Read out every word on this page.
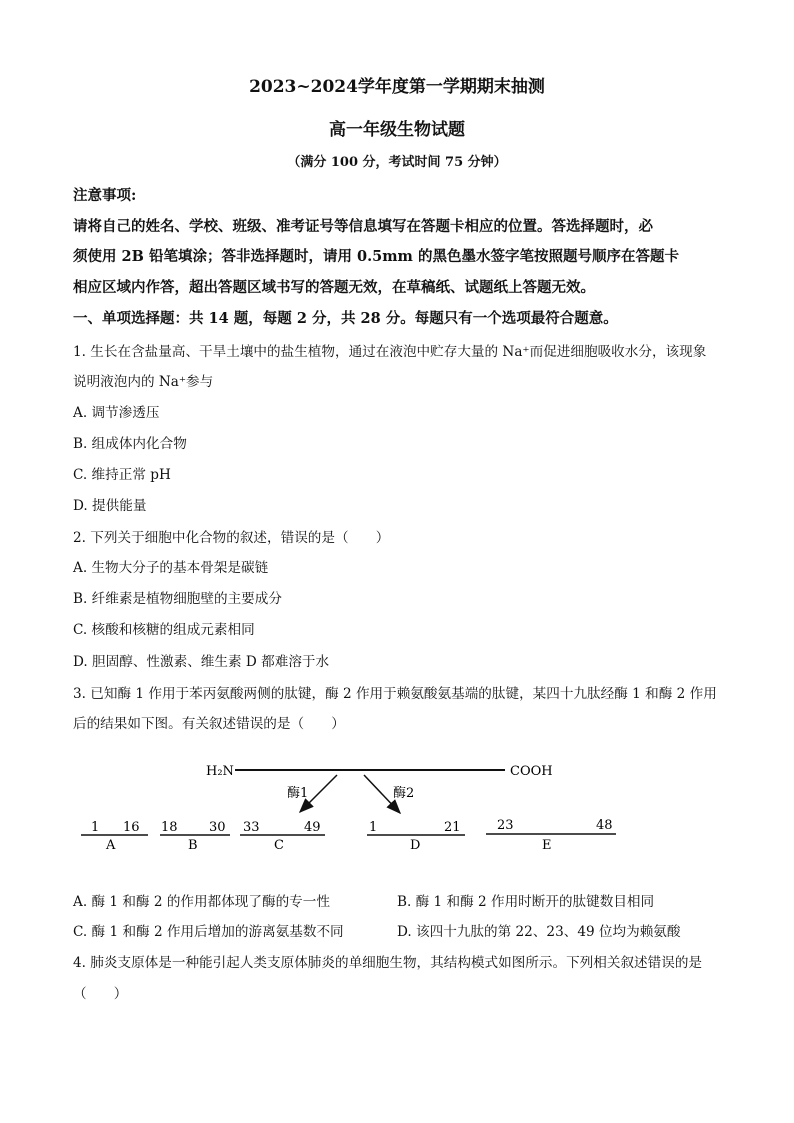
2023~2024学年度第一学期期末抽测
高一年级生物试题
（满分 100 分，考试时间 75 分钟）
注意事项:
请将自己的姓名、学校、班级、准考证号等信息填写在答题卡相应的位置。答选择题时，必
须使用 2B 铅笔填涂；答非选择题时，请用 0.5mm 的黑色墨水签字笔按照题号顺序在答题卡
相应区域内作答，超出答题区域书写的答题无效，在草稿纸、试题纸上答题无效。
一、单项选择题：共 14 题，每题 2 分，共 28 分。每题只有一个选项最符合题意。
1. 生长在含盐量高、干旱土壤中的盐生植物，通过在液泡中贮存大量的 Na⁺而促进细胞吸收水分，该现象
说明液泡内的 Na⁺参与
A. 调节渗透压
B. 组成体内化合物
C. 维持正常 pH
D. 提供能量
2. 下列关于细胞中化合物的叙述，错误的是（　　）
A. 生物大分子的基本骨架是碳链
B. 纤维素是植物细胞壁的主要成分
C. 核酸和核糖的组成元素相同
D. 胆固醇、性激素、维生素 D 都难溶于水
3. 已知酶 1 作用于苯丙氨酸两侧的肽键，酶 2 作用于赖氨酸氨基端的肽键，某四十九肽经酶 1 和酶 2 作用
后的结果如下图。有关叙述错误的是（　　）
H₂N	COOH
酶1	酶2
1 16
A
18 30
B
33	49
C
1	21
D
23	48
E
A. 酶 1 和酶 2 的作用都体现了酶的专一性	B. 酶 1 和酶 2 作用时断开的肽键数目相同
C. 酶 1 和酶 2 作用后增加的游离氨基数不同	D. 该四十九肽的第 22、23、49 位均为赖氨酸
4. 肺炎支原体是一种能引起人类支原体肺炎的单细胞生物，其结构模式如图所示。下列相关叙述错误的是
（　　）
